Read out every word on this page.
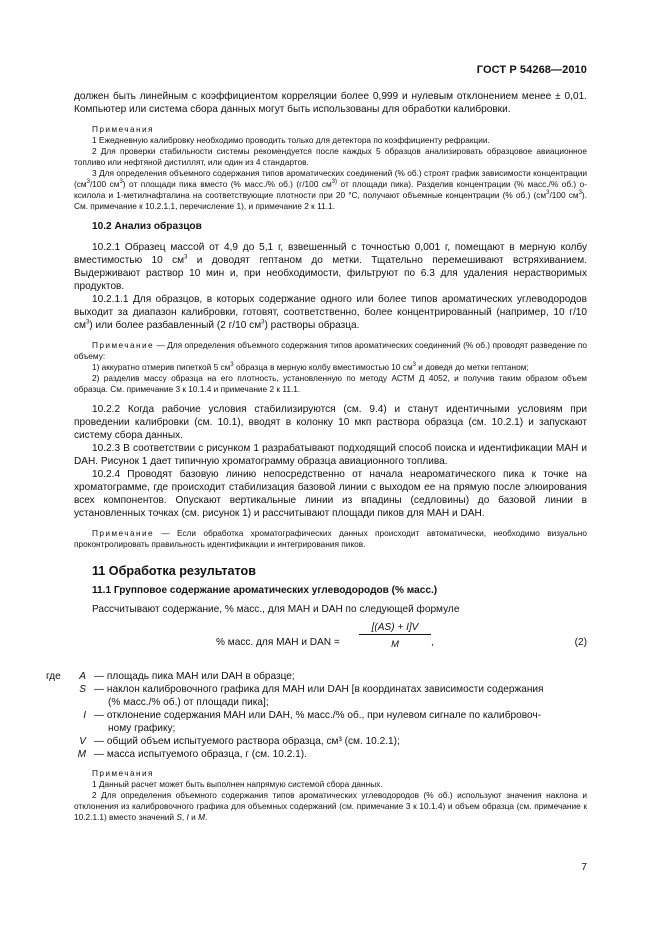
ГОСТ Р 54268—2010

должен быть линейным с коэффициентом корреляции более 0,999 и нулевым отклонением менее ± 0,01. Компьютер или система сбора данных могут быть использованы для обработки калибровки.

Примечания

1 Ежедневную калибровку необходимо проводить только для детектора по коэффициенту рефракции.

2 Для проверки стабильности системы рекомендуется после каждых 5 образцов анализировать образцовое авиационное топливо или нефтяной дистиллят, или один из 4 стандартов.

3 Для определения объемного содержания типов ароматических соединений (% об.) строят график зависимости концентрации ($см^3/100$ $см^3$) от площади пика вместо (% масс./% об.) (г/100 $см^{3)}$ от площади пика). Разделив концентрации (% масс./% об.) о-ксилола и 1-метилнафталина на соответствующие плотности при 20 °С, получают объемные концентрации (% об.) ($см^3/100$ $см^3$). См. примечание к 10.2.1.1, перечисление 1), и примечание 2 к 11.1.

10.2 Анализ образцов

10.2.1 Образец массой от 4,9 до 5,1 г, взвешенный с точностью 0,001 г, помещают в мерную колбу вместимостью 10 $см^3$ и доводят гептаном до метки. Тщательно перемешивают встряхиванием. Выдерживают раствор 10 мин и, при необходимости, фильтруют по 6.3 для удаления нерастворимых продуктов.

10.2.1.1 Для образцов, в которых содержание одного или более типов ароматических углеводородов выходит за диапазон калибровки, готовят, соответственно, более концентрированный (например, 10 г/10 $см^3$) или более разбавленный (2 г/10 $см^3$) растворы образца.

Примечание — Для определения объемного содержания типов ароматических соединений (% об.) проводят разведение по объему:

1) аккуратно отмерив пипеткой 5 $см^3$ образца в мерную колбу вместимостью 10 $см^3$ и доведя до метки гептаном;

2) разделив массу образца на его плотность, установленную по методу АСТМ Д 4052, и получив таким образом объем образца. См. примечание 3 к 10.1.4 и примечание 2 к 11.1.

10.2.2 Когда рабочие условия стабилизируются (см. 9.4) и станут идентичными условиям при проведении калибровки (см. 10.1), вводят в колонку 10 мкп раствора образца (см. 10.2.1) и запускают систему сбора данных.

10.2.3 В соответствии с рисунком 1 разрабатывают подходящий способ поиска и идентификации МАН и DAH. Рисунок 1 дает типичную хроматограмму образца авиационного топлива.

10.2.4 Проводят базовую линию непосредственно от начала неароматического пика к точке на хроматограмме, где происходит стабилизация базовой линии с выходом ее на прямую после элюирования всех компонентов. Опускают вертикальные линии из впадины (седловины) до базовой линии в установленных точках (см. рисунок 1) и рассчитывают площади пиков для МАН и DAH.

Примечание — Если обработка хроматографических данных происходит автоматически, необходимо визуально проконтролировать правильность идентификации и интегрирования пиков.

11 Обработка результатов

11.1 Групповое содержание ароматических углеводородов (% масс.)

Рассчитывают содержание, % масс., для МАН и DAH по следующей формуле

% масс. для МАН и DAN = $\frac{[(AS) + I]V}{M}$ ,	(2)
где	A — площадь пика МАН или DAH в образце;
S — наклон калибровочного графика для МАН или DAH [в координатах зависимости содержания
(% масс./% об.) от площади пика];
I — отклонение содержания МАН или DAH, % масс./% об., при нулевом сигнале по калибровоч-
ному графику;
V — общий объем испытуемого раствора образца, см³ (см. 10.2.1);
M — масса испытуемого образца, г (см. 10.2.1).

Примечания

1 Данный расчет может быть выполнен напрямую системой сбора данных.

2 Для определения объемного содержания типов ароматических углеводородов (% об.) используют значения наклона и отклонения из калибровочного графика для объемных содержаний (см. примечание 3 к 10.1.4) и объем образца (см. примечание к 10.2.1.1) вместо значений S, I и M.

7
